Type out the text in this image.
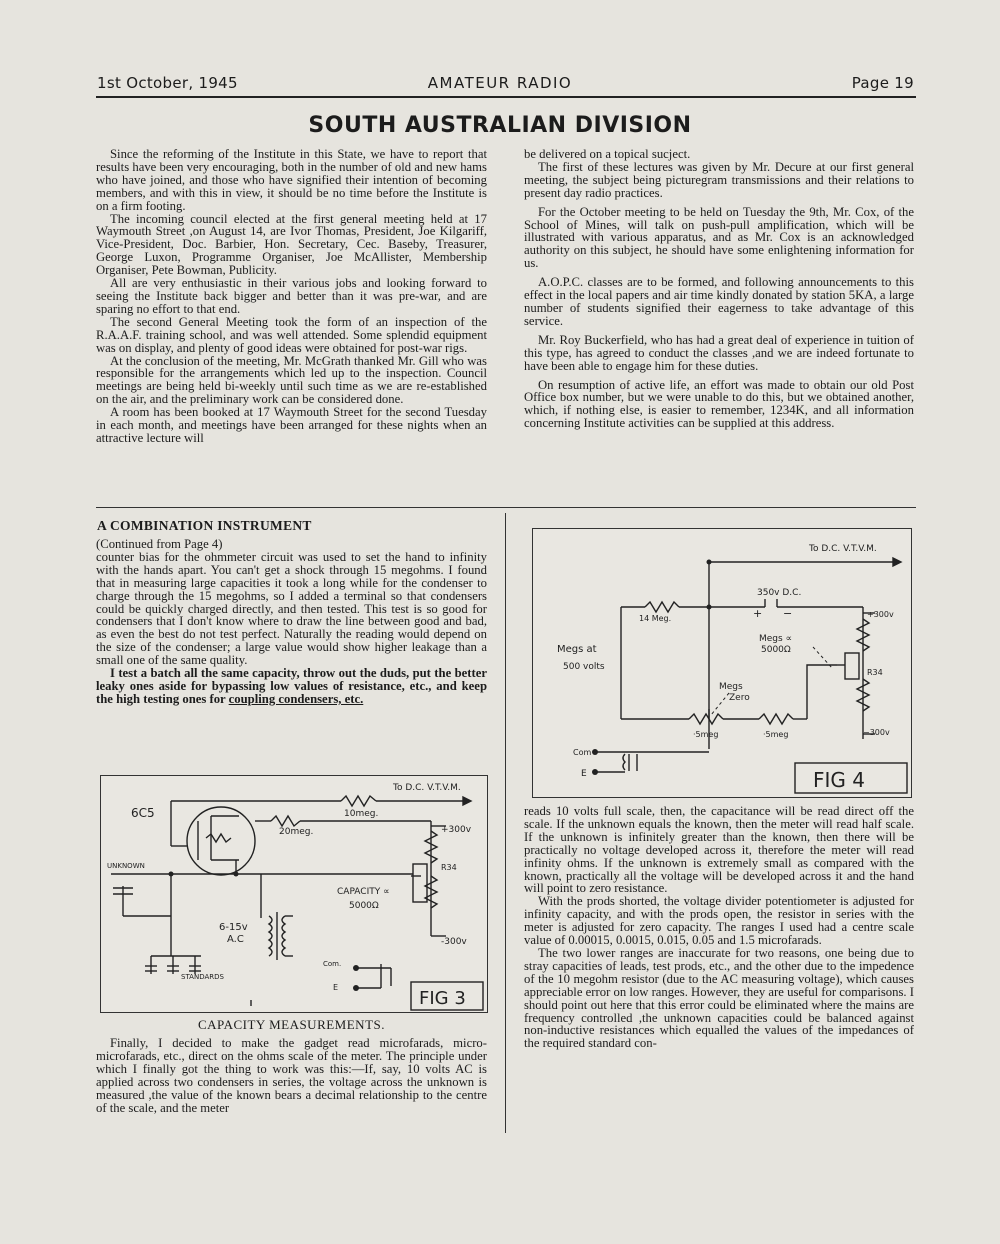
1st October, 1945	AMATEUR RADIO	Page 19
SOUTH AUSTRALIAN DIVISION

Since the reforming of the Institute in this State, we have to report that results have been very encouraging, both in the number of old and new hams who have joined, and those who have signified their intention of becoming members, and with this in view, it should be no time before the Institute is on a firm footing.

The incoming council elected at the first general meeting held at 17 Waymouth Street ,on August 14, are Ivor Thomas, President, Joe Kilgariff, Vice-President, Doc. Barbier, Hon. Secretary, Cec. Baseby, Treasurer, George Luxon, Programme Organiser, Joe McAllister, Membership Organiser, Pete Bowman, Publicity.

All are very enthusiastic in their various jobs and looking forward to seeing the Institute back bigger and better than it was pre-war, and are sparing no effort to that end.

The second General Meeting took the form of an inspection of the R.A.A.F. training school, and was well attended. Some splendid equipment was on display, and plenty of good ideas were obtained for post-war rigs.

At the conclusion of the meeting, Mr. McGrath thanked Mr. Gill who was responsible for the arrangements which led up to the inspection. Council meetings are being held bi-weekly until such time as we are re-established on the air, and the preliminary work can be considered done.

A room has been booked at 17 Waymouth Street for the second Tuesday in each month, and meetings have been arranged for these nights when an attractive lecture will

be delivered on a topical sucject.

The first of these lectures was given by Mr. Decure at our first general meeting, the subject being picturegram transmissions and their relations to present day radio practices.

For the October meeting to be held on Tuesday the 9th, Mr. Cox, of the School of Mines, will talk on push-pull amplification, which will be illustrated with various apparatus, and as Mr. Cox is an acknowledged authority on this subject, he should have some enlightening information for us.

A.O.P.C. classes are to be formed, and following announcements to this effect in the local papers and air time kindly donated by station 5KA, a large number of students signified their eagerness to take advantage of this service.

Mr. Roy Buckerfield, who has had a great deal of experience in tuition of this type, has agreed to conduct the classes ,and we are indeed fortunate to have been able to engage him for these duties.

On resumption of active life, an effort was made to obtain our old Post Office box number, but we were unable to do this, but we obtained another, which, if nothing else, is easier to remember, 1234K, and all information concerning Institute activities can be supplied at this address.

A COMBINATION INSTRUMENT

(Continued from Page 4)

counter bias for the ohmmeter circuit was used to set the hand to infinity with the hands apart. You can't get a shock through 15 megohms. I found that in measuring large capacities it took a long while for the condenser to charge through the 15 megohms, so I added a terminal so that condensers could be quickly charged directly, and then tested. This test is so good for condensers that I don't know where to draw the line between good and bad, as even the best do not test perfect. Naturally the reading would depend on the size of the condenser; a large value would show higher leakage than a small one of the same quality.

I test a batch all the same capacity, throw out the duds, put the better leaky ones aside for bypassing low values of resistance, etc., and keep the high testing ones for coupling condensers, etc.

To D.C. V.T.V.M.
6C5	10meg.
20meg.	+300v
R34
-300v
UNKNOWN
CAPACITY ∝
5000Ω
6-15v
A.C
STANDARDS
Com.
E
FIG 3
CAPACITY MEASUREMENTS.

Finally, I decided to make the gadget read microfarads, micro-microfarads, etc., direct on the ohms scale of the meter. The principle under which I finally got the thing to work was this:—If, say, 10 volts AC is applied across two condensers in series, the voltage across the unknown is measured ,the value of the known bears a decimal relationship to the centre of the scale, and the meter

To D.C. V.T.V.M.
14 Meg.
350v D.C.
+ −	+300v
Megs at
500 volts
Megs ∝
5000Ω
Megs
Zero
R34
·5meg	·5meg	−300v
Com
E	FIG 4

reads 10 volts full scale, then, the capacitance will be read direct off the scale. If the unknown equals the known, then the meter will read half scale. If the unknown is infinitely greater than the known, then there will be practically no voltage developed across it, therefore the meter will read infinity ohms. If the unknown is extremely small as compared with the known, practically all the voltage will be developed across it and the hand will point to zero resistance.

With the prods shorted, the voltage divider potentiometer is adjusted for infinity capacity, and with the prods open, the resistor in series with the meter is adjusted for zero capacity. The ranges I used had a centre scale value of 0.00015, 0.0015, 0.015, 0.05 and 1.5 microfarads.

The two lower ranges are inaccurate for two reasons, one being due to stray capacities of leads, test prods, etc., and the other due to the impedence of the 10 megohm resistor (due to the AC measuring voltage), which causes appreciable error on low ranges. However, they are useful for comparisons. I should point out here that this error could be eliminated where the mains are frequency controlled ,the unknown capacities could be balanced against non-inductive resistances which equalled the values of the impedances of the required standard con-
